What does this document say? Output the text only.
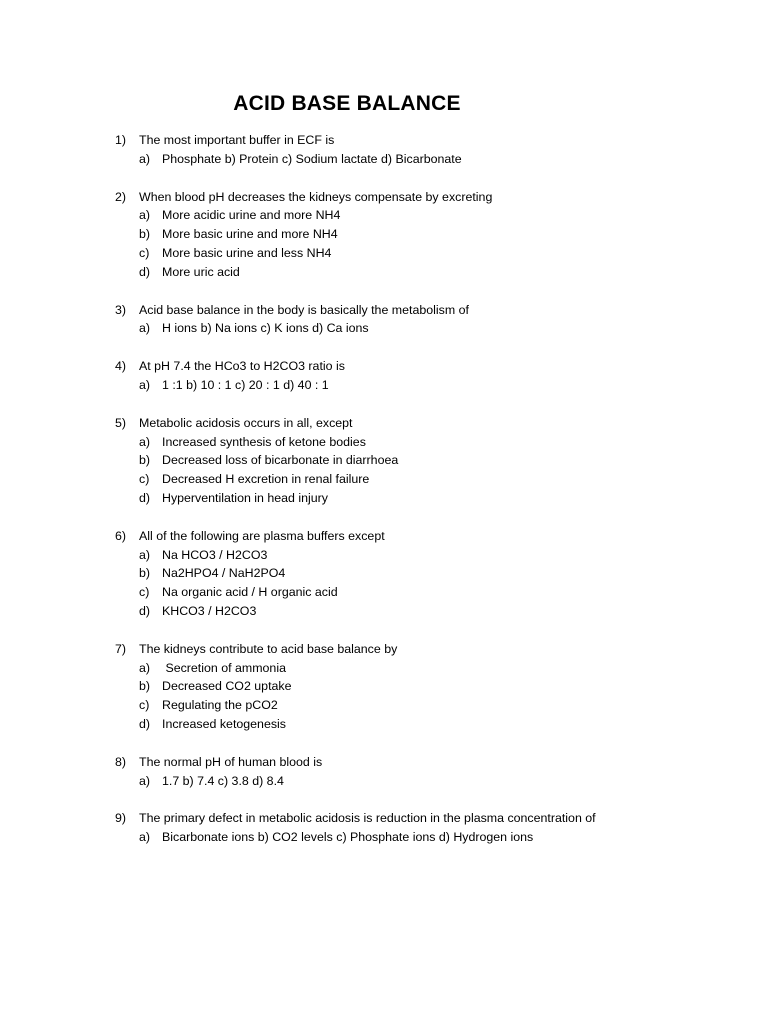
ACID BASE BALANCE
1) The most important buffer in ECF is
a) Phosphate b) Protein c) Sodium lactate d) Bicarbonate
2) When blood pH decreases the kidneys compensate by excreting
a) More acidic urine and more NH4
b) More basic urine and more NH4
c) More basic urine and less NH4
d) More uric acid
3) Acid base balance in the body is basically the metabolism of
a) H ions b) Na ions c) K ions d) Ca ions
4) At pH 7.4 the HCo3 to H2CO3 ratio is
a) 1 :1 b) 10 : 1 c) 20 : 1 d) 40 : 1
5) Metabolic acidosis occurs in all, except
a) Increased synthesis of ketone bodies
b) Decreased loss of bicarbonate in diarrhoea
c) Decreased H excretion in renal failure
d) Hyperventilation in head injury
6) All of the following are plasma buffers except
a) Na HCO3 / H2CO3
b) Na2HPO4 / NaH2PO4
c) Na organic acid / H organic acid
d) KHCO3 / H2CO3
7) The kidneys contribute to acid base balance by
a) Secretion of ammonia
b) Decreased CO2 uptake
c) Regulating the pCO2
d) Increased ketogenesis
8) The normal pH of human blood is
a) 1.7 b) 7.4 c) 3.8 d) 8.4
9) The primary defect in metabolic acidosis is reduction in the plasma concentration of
a) Bicarbonate ions b) CO2 levels c) Phosphate ions d) Hydrogen ions
